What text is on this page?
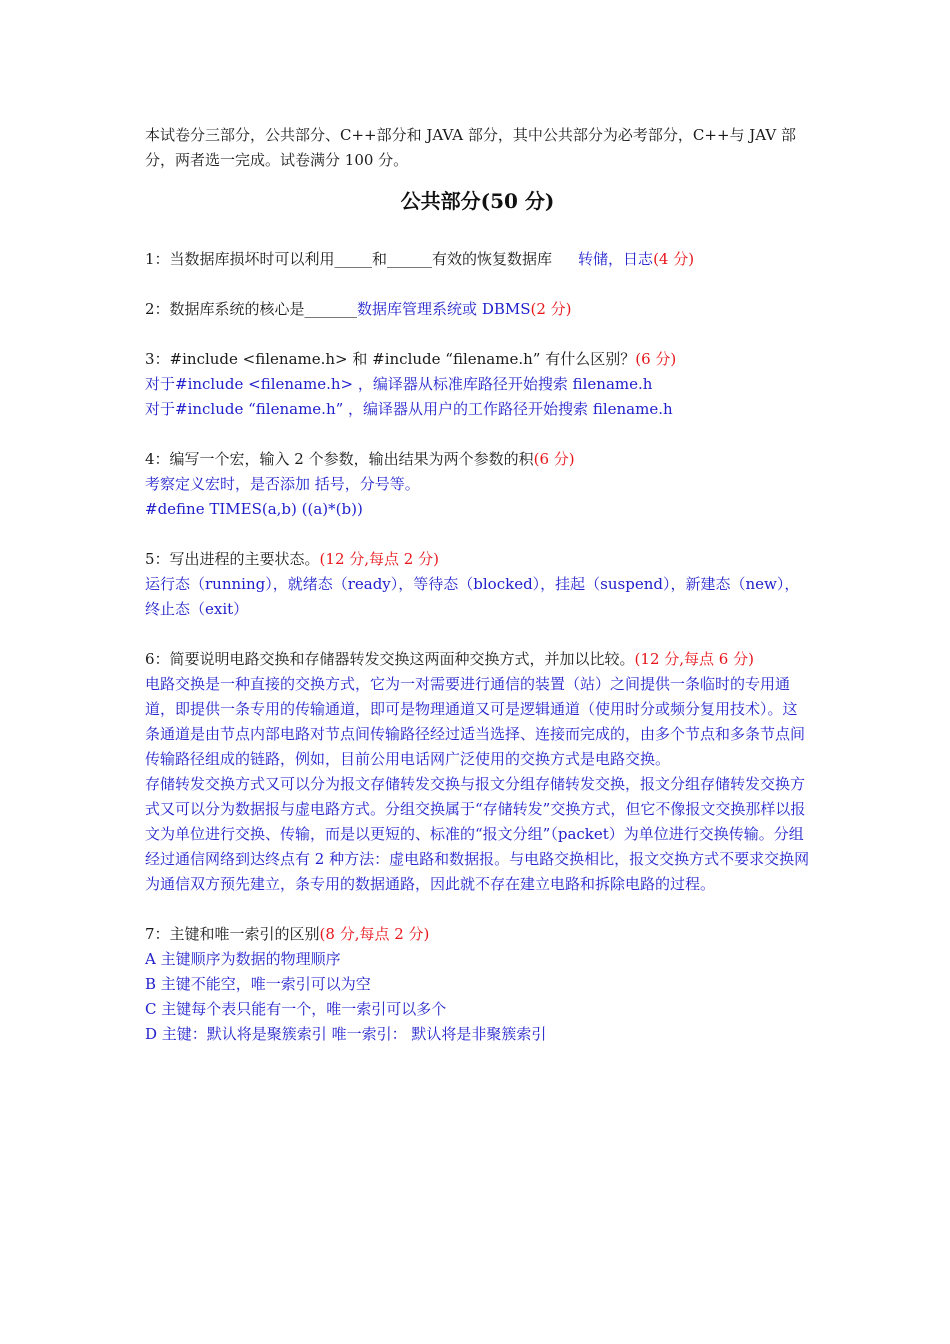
本试卷分三部分，公共部分、C++部分和 JAVA 部分，其中公共部分为必考部分，C++与 JAV 部分，两者选一完成。试卷满分 100 分。

公共部分(50 分)

1：当数据库损坏时可以利用_____和______有效的恢复数据库 转储，日志(4 分)

2：数据库系统的核心是_______数据库管理系统或 DBMS(2 分)

3：#include <filename.h> 和 #include “filename.h” 有什么区别？(6 分)

对于#include <filename.h> ，编译器从标准库路径开始搜索 filename.h

对于#include “filename.h” ，编译器从用户的工作路径开始搜索 filename.h

4：编写一个宏，输入 2 个参数，输出结果为两个参数的积(6 分)

考察定义宏时，是否添加 括号，分号等。

#define TIMES(a,b) ((a)*(b))

5：写出进程的主要状态。(12 分,每点 2 分)

运行态（running），就绪态（ready），等待态（blocked），挂起（suspend），新建态（new），终止态（exit）

6：简要说明电路交换和存储器转发交换这两面种交换方式，并加以比较。(12 分,每点 6 分)

电路交换是一种直接的交换方式，它为一对需要进行通信的装置（站）之间提供一条临时的专用通道，即提供一条专用的传输通道，即可是物理通道又可是逻辑通道（使用时分或频分复用技术）。这条通道是由节点内部电路对节点间传输路径经过适当选择、连接而完成的，由多个节点和多条节点间传输路径组成的链路，例如，目前公用电话网广泛使用的交换方式是电路交换。

存储转发交换方式又可以分为报文存储转发交换与报文分组存储转发交换，报文分组存储转发交换方式又可以分为数据报与虚电路方式。分组交换属于“存储转发”交换方式，但它不像报文交换那样以报文为单位进行交换、传输，而是以更短的、标准的“报文分组”（packet）为单位进行交换传输。分组经过通信网络到达终点有 2 种方法：虚电路和数据报。与电路交换相比，报文交换方式不要求交换网为通信双方预先建立，条专用的数据通路，因此就不存在建立电路和拆除电路的过程。

7：主键和唯一索引的区别(8 分,每点 2 分)

A 主键顺序为数据的物理顺序

B 主键不能空，唯一索引可以为空

C 主键每个表只能有一个，唯一索引可以多个

D 主键：默认将是聚簇索引 唯一索引： 默认将是非聚簇索引
